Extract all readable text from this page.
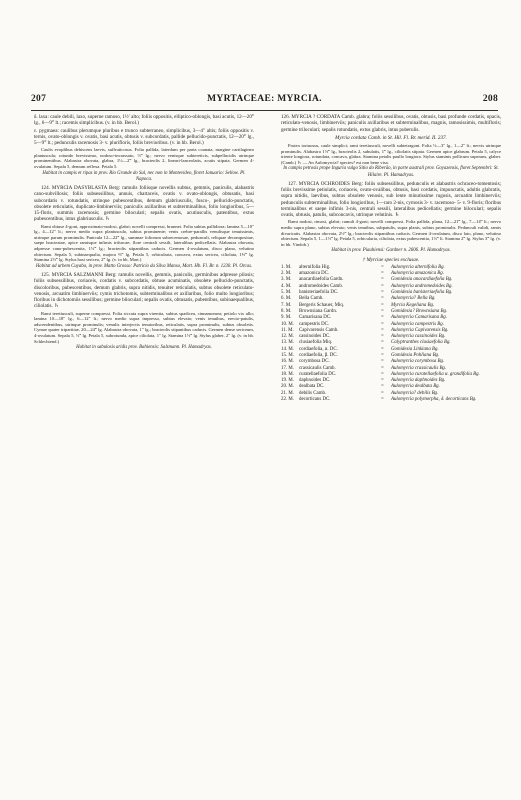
207	MYRTACEAE: MYRCIA.	208

δ. laxa: caule debili, laxo, superne ramoso, 1½′ alto; foliis oppositis, elliptico-oblongis, basi acutis, 12—20‴ lg., 6—9‴ lt.; racemis simplicibus. (v. in hb. Berol.)

ε. pygmaea: caulibus plerumque pluribus e trunco subterraneo, simplicibus, 3—4″ altis; foliis oppositis v. ternis, ovato-oblongis v. ovatis, basi acutis, obtusis v. subcordatis, pallide pellucido-punctatis, 12—20‴ lg., 5—9‴ lt.; pedunculis racemosis 3- v. plurifloris, foliis brevioribus. (v. in hb. Berol.)

Caulis evoplibus dehiscens laevis, suffruticosus. Folia pallida, laterdum per paria coanata, margine cartilagineo planiuscula; rotundo brevissimo, nodoso-incrassato, ⅓‴ lg.; nervo venisque subtereticis, subpellucidis utrinque prominentibus. Alabastra obovata, glabra, 1⅓—2‴ lg., bracteolis 2, lineari-lanceolatis, acutis stipata. Germen 4-ovulatum. Sepala 5, demum reflexa. Petala 5.

Habitat in campis et ripas in prov. Rio Grande do Sul, nec non in Montevideo, floret Januario: Sellow. Pl. Napoca.

124. MYRCIA DASYBLASTA Berg: ramulis foliisque novellis subtus, gemmis, paniculis, alabastris cano-subvillosis; foliis subsessilibus, annuis, chartaceis, ovatis v. ovato-oblongis, obtusatis, basi subcordatis v. rotundatis, utrinque pubescentibus, demum glabriusculis, fusco-, pellucido-punctatis, obsolete reticulatis, duplicato-limbinerviis; paniculis axillaribus et subterminalibus, folio longioribus, 5—15-floris, summis racemosis; germine biloculari; sepalis ovatis, acutiusculis, patentibus, extus pubescentibus, intus glabriusculis. ♄

Rami obtuse 4-goni, approximato-nodosi, glabri; novelli compressi, brunnei. Folia subtus pallidiora; lamina 5—10″ lg., 4—12″ lt.; nervo medio supra planiusculo, subtus prominente; venis crebre-parallis venulisque tenuissimis, utrinque parum prominulis. Panicula 12—22‴ lg., summae foliorum subrecemosae, pedunculi, reliquae decompositae, saepe bracteatae, apice ramisque infimis trifurcae; flore centrali sessili, lateralibus pedicellatis. Alabastra obovata, adpresse cano-pubescentia, 1⅓‴ lg.; bracteolis stipantibus caducis. Germen 4-ovulatum, disco plano, velutino obtectum. Sepala 5, subinaequalia, majora ⅔‴ lg. Petala 5, orbicularia, concava, extus sericea, ciliolata, 1⅔‴ lg. Stamina 2½‴ lg. Stylus basi sericea, 2‴ lg. (v. in hb. Mart.)

Habitat ad urbem Cuyaba, in prov. Matto Grosso: Patricio da Silva Manso, Mart. Hb. Fl. Br. n. 1230. Pl. Orcas.

125. MYRCIA SALZMANNI Berg: ramulis novellis, gemmis, paniculis, germinibus adpresse pilosis; foliis subsessilibus, coriaceis, cordatis v. subcordatis, obtuse acuminatis, obsolete pellucido-punctatis, discoloribus, pubescentibus, demum glabris, supra nitidis, tenuiter reticulatis, subtus obsolete reticulato-venosis, arcuatim limbinerviis; cymis trichotomis, subterminalibus et axillaribus, folio multo longioribus; floribus in dichotomiis sessilibus; germine biloculari; sepalis ovatis, obtusatis, pubentibus, subinaequalibus, ciliolatis. ♄

Rami teretiusculi, superne compressi. Folia siccata supra virentia, subtus spadicea, cinnamomea; petiolo vix ullo; lamina 10—18″ lg., 6—12″ lt.; nervo medio supra impresso, subtus elevato; venis tenuibus, erecto-patulis, adscendentibus, utrinque prominulis; venulis interjectis tenuioribus, reticulatis, supra prominulis, subtus obsoletis. Cymae quater tripartitae, 20—24‴ lg. Alabastra obovata, 1″ lg.; bracteolis stipantibus caducis. Germen dense sericeum, 4-ovulatum. Sepala 5, ⅓‴ lg. Petala 5, subrotunda, apice ciliolata, 1″ lg. Stamina 1½‴ lg. Stylus glaber, 2″ lg. (v. in hb. Schlechtend.)

Habitat in sabulosis aridis prov. Bahiensis: Salzmann. Pl. Hamadryas.

126. MYRCIA ? CORDATA Camb. glabra; foliis sessilibus, ovatis, obtusis, basi profunde cordatis, opacis, reticulato-venosis, limbinerviis; paniculis axillaribus et subterminalibus, magnis, ramosissimis, multifloris; germine triloculari; sepalis rotundatis, extus glabris, intus puberulis.

Myrcia cordata Camb. in St. Hil. Fl. Br. merid. II. 237.

Frutex tortuosus, caule simplici; rami teretiusculi, novelli subtetragoni. Folia ½—3″ lg., 1—2″ lt.; nervis utrinque prominulis. Alabastra 1½‴ lg., bracteolis 2, subulatis, 1‴ lg., ciliolatis stipata. Germen apice glabrum. Petala 5, calyce triente longiora, rotundata, concava, glabra. Stamina petalis paullo longiora. Stylus staminis pollicum superans, glaber. (Camb.) ♄ — An Aulomyrcia? species? est non bene visa.

In campis petrosis prope Inguria vulgo Sitio do Riberão, in parte australi prov. Goyazensis, floret Septembri: St. Hilaire. Pl. Hamadryas.

127. MYRCIA OCHROIDES Berg: foliis subsessilibus, pedunculis et alabastris ochraceo-tomentosis; foliis brevissime petiolatis, coriaceis, ovato-ovalibus, obtusis, basi cordatis, impunctatis, adultis glabratis, supra nitidis, laevibus, subtus obsolete venosis, sub lente minutissime rugosis, arcuatim limbinerviis; pedunculis subterminalibus, folio longioribus, 1—raro 2-nis, cymosis 3- v. racemoso- 5- v. 9-floris; floribus terminalibus et saepe infimis 3-nis, centrali sessili, lateralibus pedicellatis; germine biloculari; sepalis ovatis, obtusis, patulis, subconcavis, utrinque velutinis. ♄

Rami nodosi, rimosi, glabri; ramuli 4-goni; novelli compressi. Folia pallida, plana, 12—21‴ lg., 7—14‴ lt.; nervo medio supra plano, subtus elevato; venis tenuibus, subpatulis, supra planis, subtus prominulis. Pedunculi validi, ramis divaricatis. Alabastra obovata, 2½‴ lg.; bracteolis stipantibus caducis. Germen 4-ovulatum, disco lato, plano, velutino obtectum. Sepala 5, 1—1½‴ lg. Petala 5, orbicularia, ciliolata, extus pubescentia, 1⅓‴ lt. Stamina 2‴ lg. Stylus 3‴ lg. (v. in hb. Vindob.)

Habitat in prov. Piauhiensi: Gardner n. 2606. Pl. Hamadryas.

† Myrciae species exclusae.

1. M.	alternifolia Hig.	=	Aulomyrcia alternifolia Bg.
2. M.	amazonica DC.	=	Aulomyrcia amazonica Bg.
3. M.	anacardiaefolia Gardn.	=	Gomidesia anacardiaefolia Bg.
4. M.	andromedoides Camb.	=	Aulomyrcia andromedoides Bg.
5. M.	banisteriaefolia DC.	=	Gomidesia banisteriaefolia Bg.
6. M.	Bella Camb.	=	Aulomyrcia? Bella Bg.
7. M.	Bergeris Schauer, Miq.	=	Myrcia Kegeliana Bg.
8. M.	Brownsiana Gardn.	=	Gomidesia? Brownsiana Bg.
9. M.	Camarisana DC.	=	Aulomyrcia Camarisana Bg.
10. M.	campestris DC.	=	Aulomyrcia campestris Bg.
11. M.	Capivarensis Camb.	=	Aulomyrcia Capivarensis Bg.
12. M.	cassinoides DC.	=	Aulomyrcia cassinoides Bg.
13. M.	clusiaefolia Miq.	=	Calyptranthes clusiaefolia Bg.
14. M.	cordiaefolia, α. DC.	=	Gomidesia Linkiana Bg.
15. M.	cordiaefolia, β. DC.	=	Gomidesia Pohliana Bg.
16. M.	corymbosa DC.	=	Aulomyrcia corymbosa Bg.
17. M.	crassicaulis Camb.	=	Aulomyrcia crassicaulis Bg.
18. M.	curatellaefolia DC.	=	Aulomyrcia curatellaefolia α. grandifolia Bg.
19. M.	daphnoides DC.	=	Aulomyrcia daphnoides Bg.
20. M.	dealbata DC.	=	Aulomyrcia dealbata Bg.
21. M.	debilis Camb.	=	Aulomyrcia? debilis Bg.
22. M.	decorticans DC.	=	Aulomyrcia polymorpha, δ. decorticans Bg.
